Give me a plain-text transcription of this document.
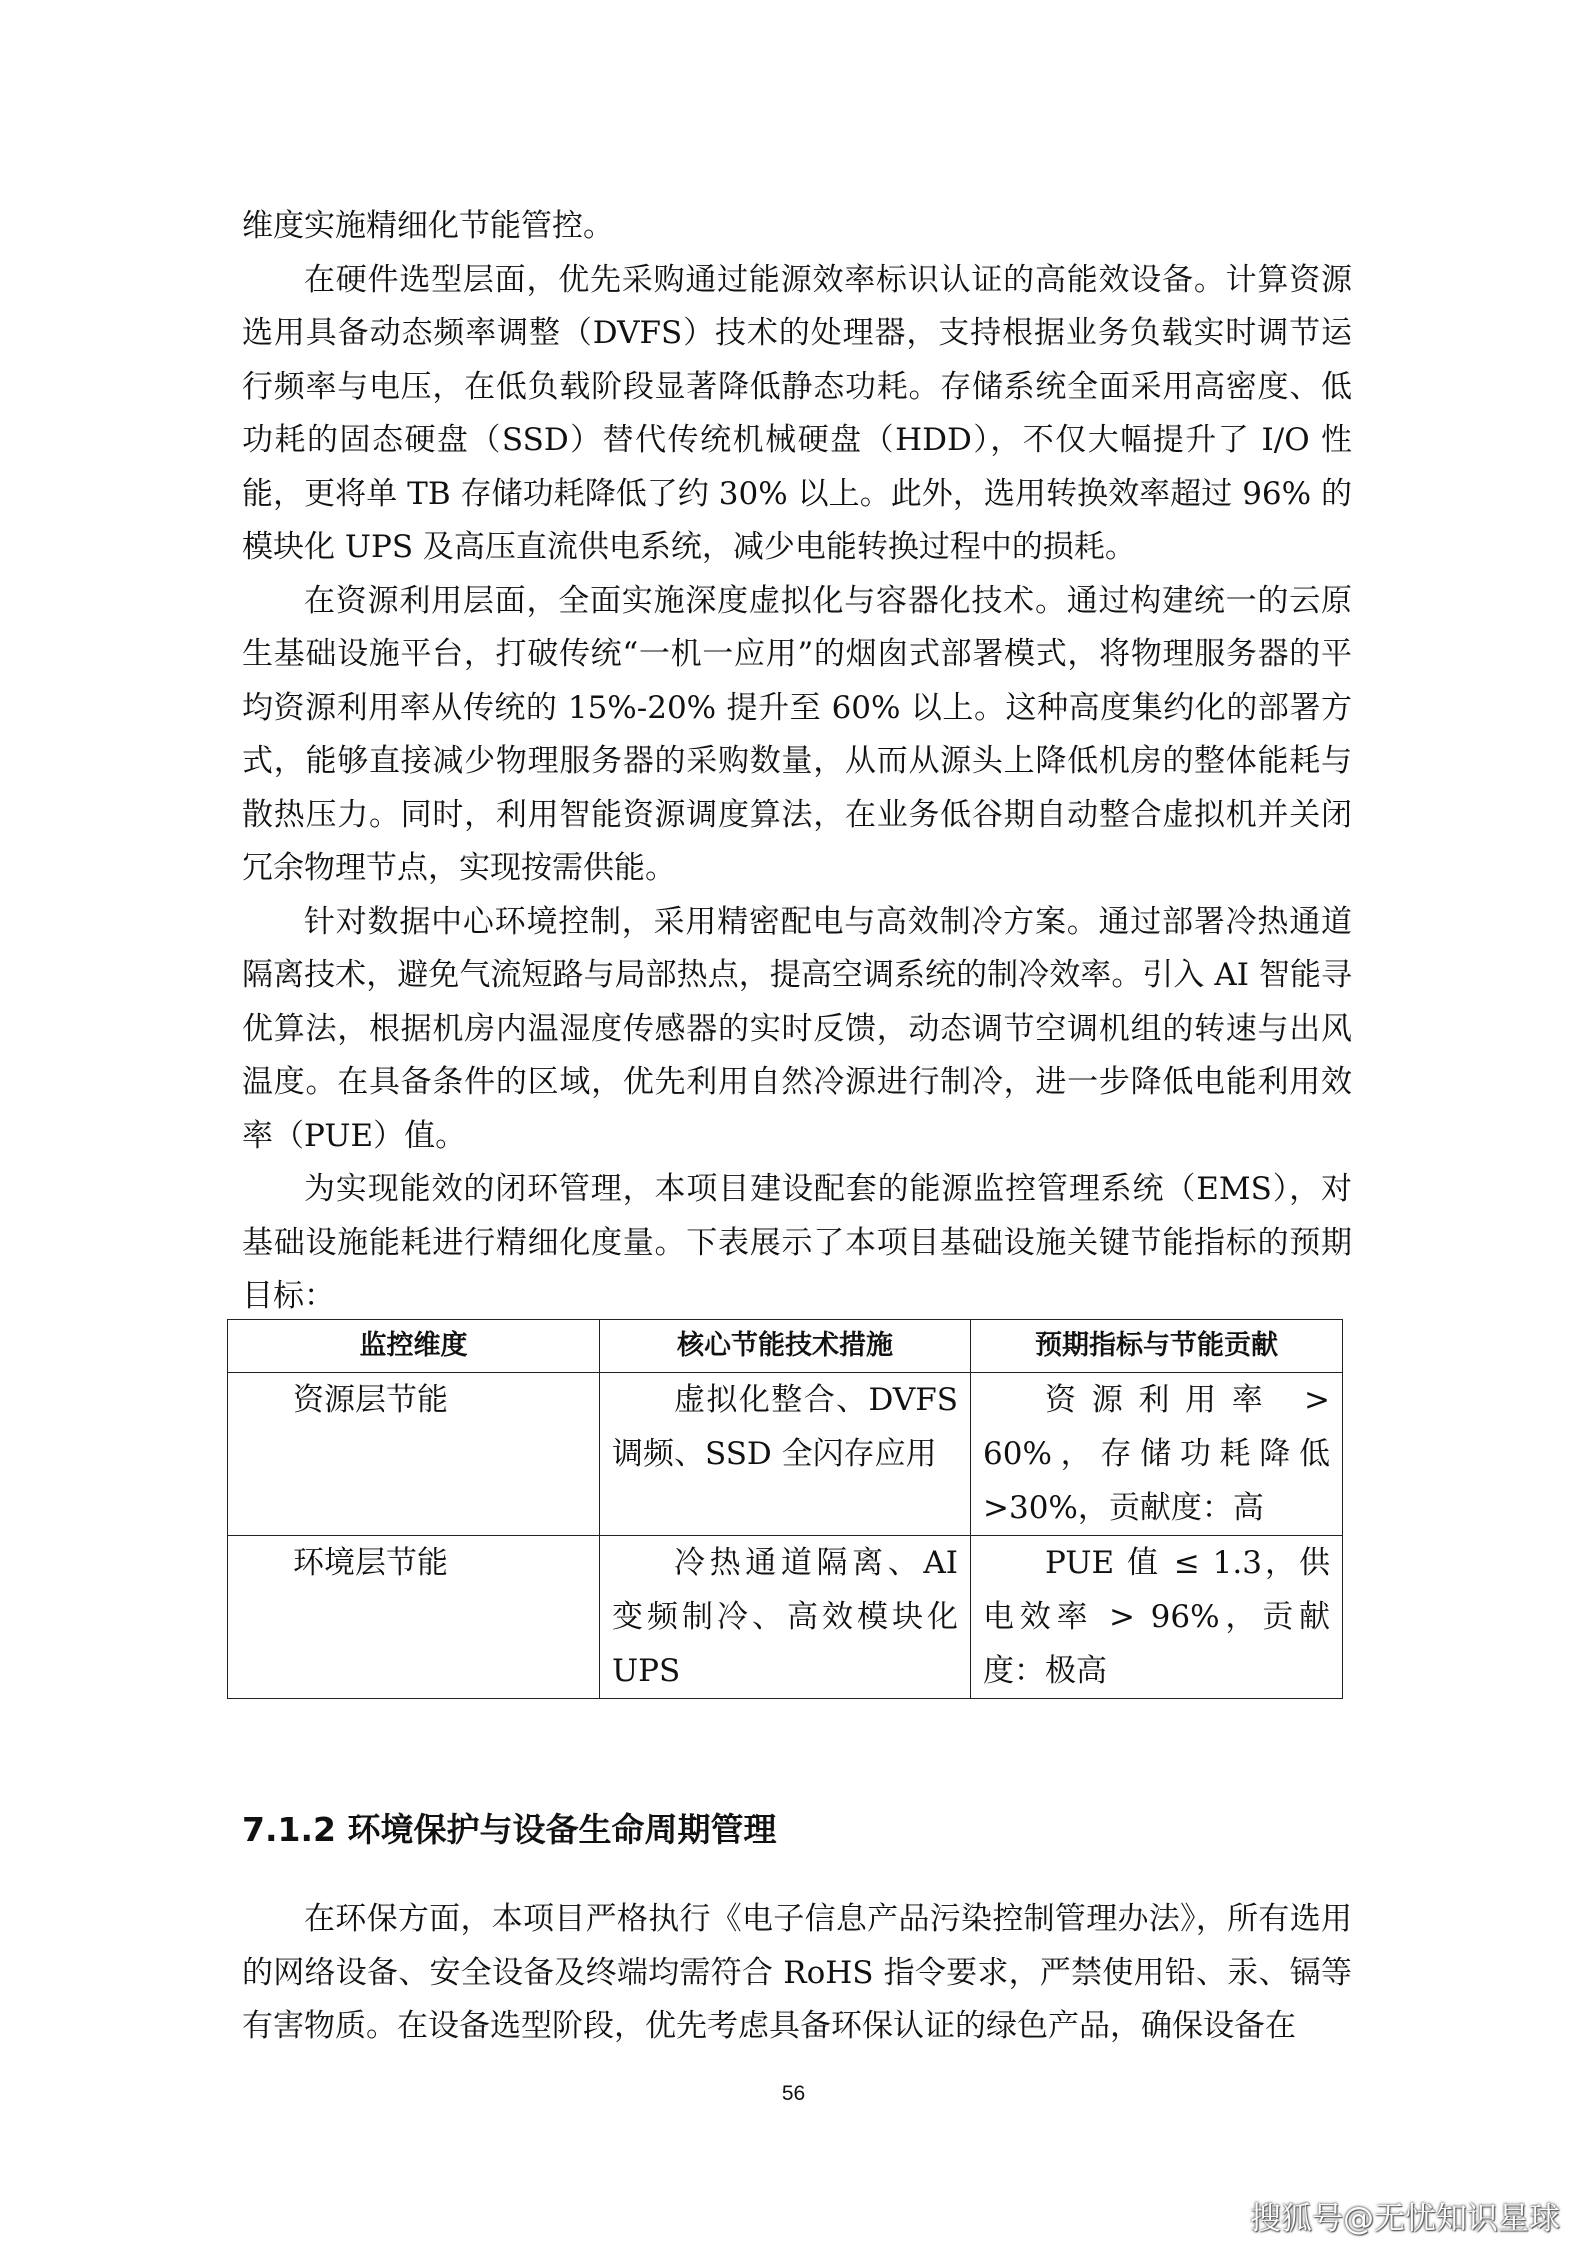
维度实施精细化节能管控。

在硬件选型层面，优先采购通过能源效率标识认证的高能效设备。计算资源选用具备动态频率调整（DVFS）技术的处理器，支持根据业务负载实时调节运行频率与电压，在低负载阶段显著降低静态功耗。存储系统全面采用高密度、低功耗的固态硬盘（SSD）替代传统机械硬盘（HDD），不仅大幅提升了 I/O 性能，更将单 TB 存储功耗降低了约 30% 以上。此外，选用转换效率超过 96% 的模块化 UPS 及高压直流供电系统，减少电能转换过程中的损耗。

在资源利用层面，全面实施深度虚拟化与容器化技术。通过构建统一的云原生基础设施平台，打破传统“一机一应用”的烟囱式部署模式，将物理服务器的平均资源利用率从传统的 15%-20% 提升至 60% 以上。这种高度集约化的部署方式，能够直接减少物理服务器的采购数量，从而从源头上降低机房的整体能耗与散热压力。同时，利用智能资源调度算法，在业务低谷期自动整合虚拟机并关闭冗余物理节点，实现按需供能。

针对数据中心环境控制，采用精密配电与高效制冷方案。通过部署冷热通道隔离技术，避免气流短路与局部热点，提高空调系统的制冷效率。引入 AI 智能寻优算法，根据机房内温湿度传感器的实时反馈，动态调节空调机组的转速与出风温度。在具备条件的区域，优先利用自然冷源进行制冷，进一步降低电能利用效率（PUE）值。

为实现能效的闭环管理，本项目建设配套的能源监控管理系统（EMS），对基础设施能耗进行精细化度量。下表展示了本项目基础设施关键节能指标的预期目标：

监控维度	核心节能技术措施	预期指标与节能贡献
资源层节能	虚拟化整合、DVFS 调频、SSD 全闪存应用	资源利用率 > 60%，存储功耗降低 >30%，贡献度：高

环境层节能	冷热通道隔离、AI 变频制冷、高效模块化 UPS	PUE 值 ≤ 1.3，供电效率 > 96%，贡献度：极高
7.1.2 环境保护与设备生命周期管理

在环保方面，本项目严格执行《电子信息产品污染控制管理办法》，所有选用的网络设备、安全设备及终端均需符合 RoHS 指令要求，严禁使用铅、汞、镉等有害物质。在设备选型阶段，优先考虑具备环保认证的绿色产品，确保设备在

56
搜狐号@无忧知识星球
